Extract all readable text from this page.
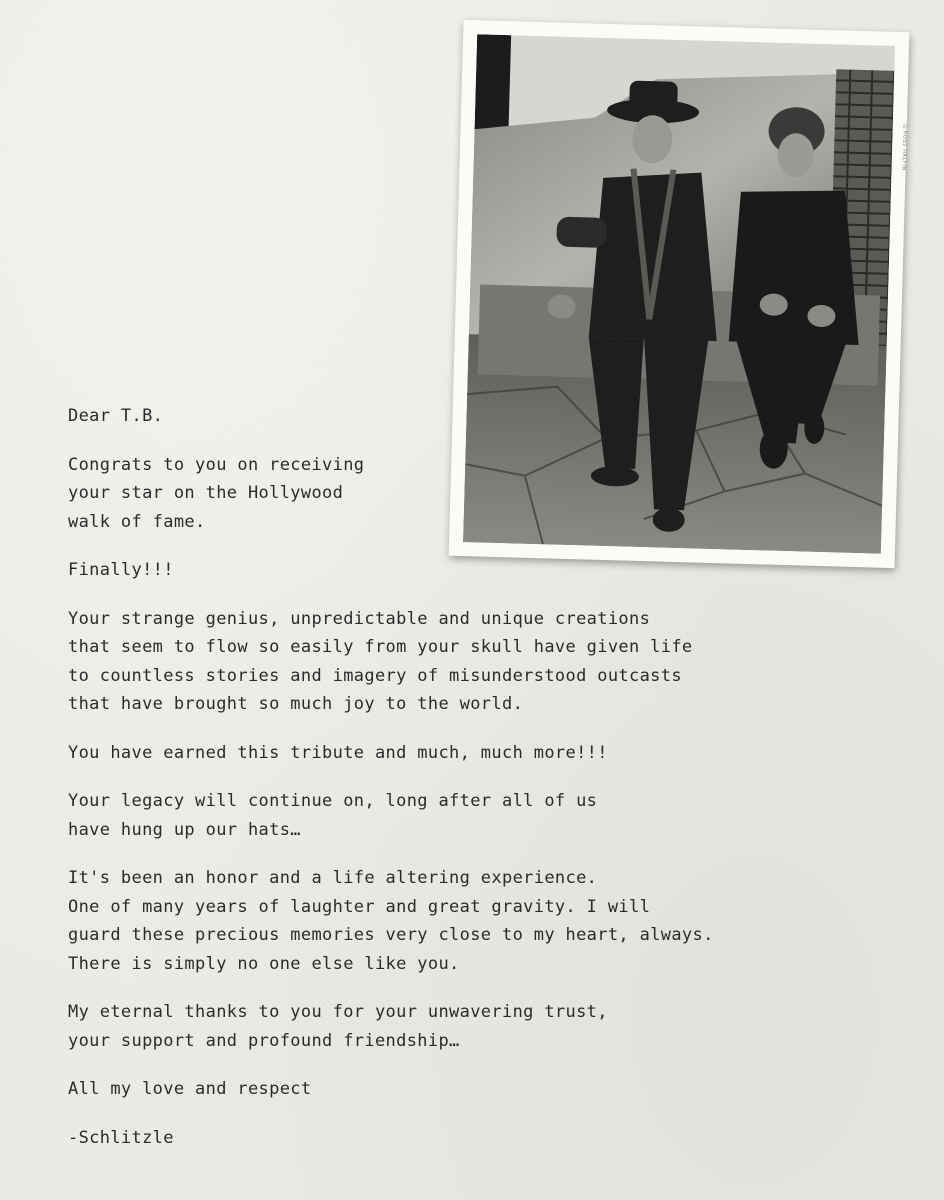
©ROSS HALFIN

Dear T.B.

Congrats to you on receiving
your star on the Hollywood
walk of fame.

Finally!!!

Your strange genius, unpredictable and unique creations
that seem to flow so easily from your skull have given life
to countless stories and imagery of misunderstood outcasts
that have brought so much joy to the world.

You have earned this tribute and much, much more!!!

Your legacy will continue on, long after all of us
have hung up our hats…

It's been an honor and a life altering experience.
One of many years of laughter and great gravity. I will
guard these precious memories very close to my heart, always.
There is simply no one else like you.

My eternal thanks to you for your unwavering trust,
your support and profound friendship…

All my love and respect

-Schlitzle
